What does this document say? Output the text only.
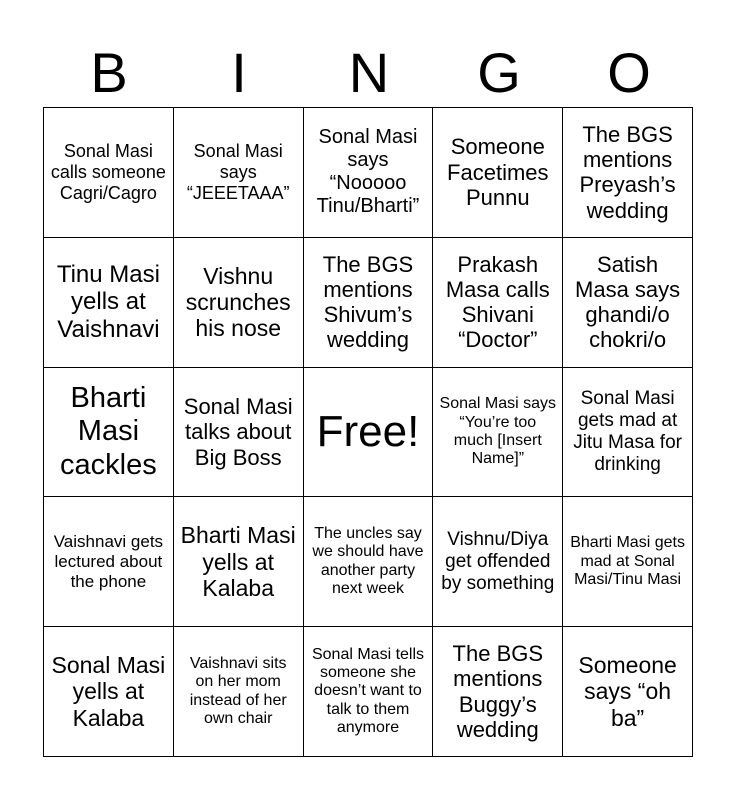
B	I	N	G	O
Sonal Masi calls someone Cagri/Cagro
Sonal Masi says “JEEETAAA”
Sonal Masi says “Nooooo Tinu/Bharti”
Someone Facetimes Punnu
The BGS mentions Preyash’s wedding
Tinu Masi yells at Vaishnavi
Vishnu scrunches his nose
The BGS mentions Shivum’s wedding
Prakash Masa calls Shivani “Doctor”
Satish Masa says ghandi/o chokri/o
Bharti Masi cackles
Sonal Masi talks about Big Boss
Free!
Sonal Masi says “You’re too much [Insert Name]”
Sonal Masi gets mad at Jitu Masa for drinking
Vaishnavi gets lectured about the phone
Bharti Masi yells at Kalaba
The uncles say we should have another party next week
Vishnu/Diya get offended by something
Bharti Masi gets mad at Sonal Masi/Tinu Masi
Sonal Masi yells at Kalaba
Vaishnavi sits on her mom instead of her own chair
Sonal Masi tells someone she doesn’t want to talk to them anymore
The BGS mentions Buggy’s wedding
Someone says “oh ba”
